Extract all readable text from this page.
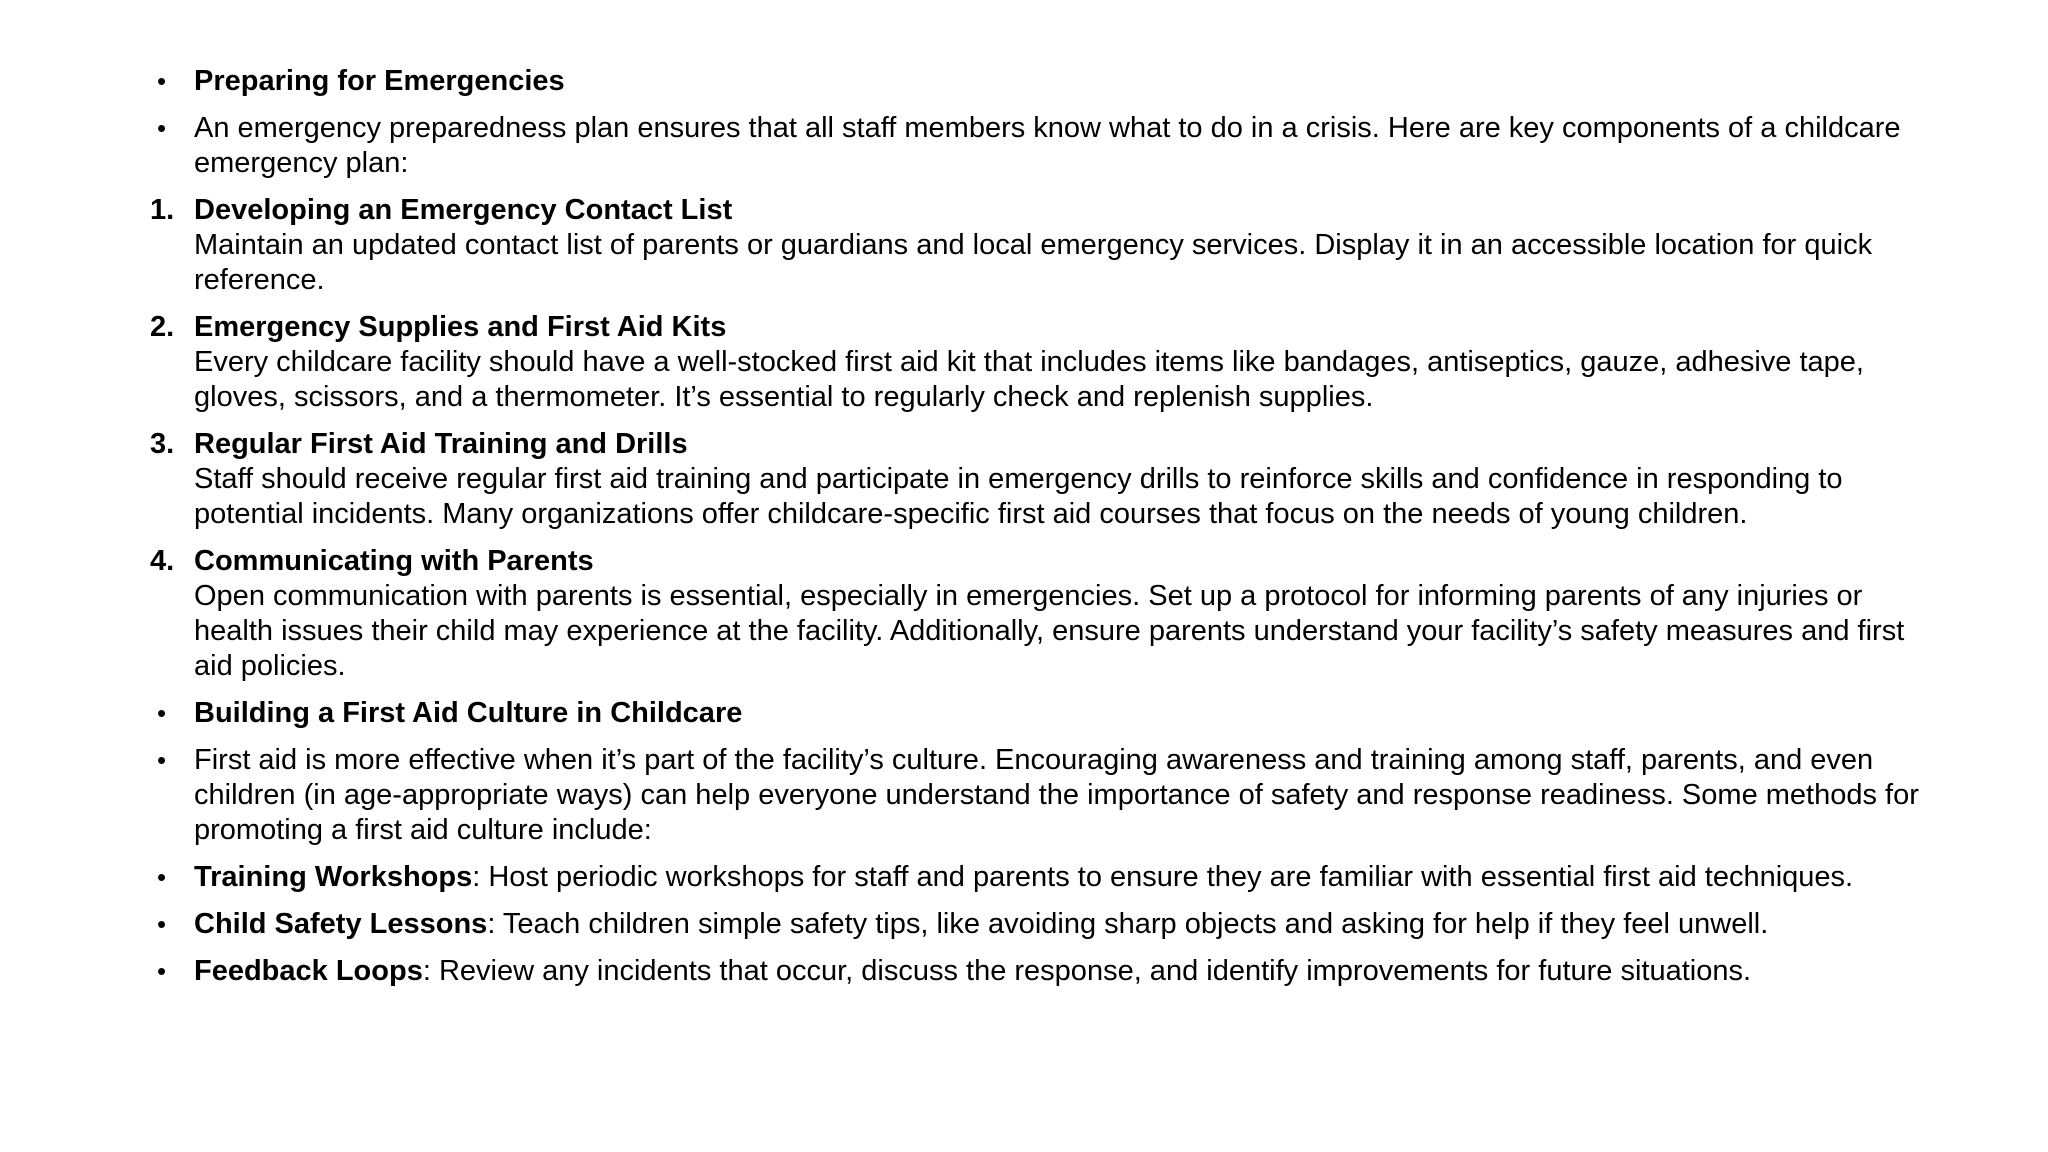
• Preparing for Emergencies
• An emergency preparedness plan ensures that all staff members know what to do in a crisis. Here are key components of a childcare emergency plan:
1. Developing an Emergency Contact List
Maintain an updated contact list of parents or guardians and local emergency services. Display it in an accessible location for quick reference.
2. Emergency Supplies and First Aid Kits
Every childcare facility should have a well-stocked first aid kit that includes items like bandages, antiseptics, gauze, adhesive tape, gloves, scissors, and a thermometer. It’s essential to regularly check and replenish supplies.
3. Regular First Aid Training and Drills
Staff should receive regular first aid training and participate in emergency drills to reinforce skills and confidence in responding to potential incidents. Many organizations offer childcare-specific first aid courses that focus on the needs of young children.
4. Communicating with Parents
Open communication with parents is essential, especially in emergencies. Set up a protocol for informing parents of any injuries or health issues their child may experience at the facility. Additionally, ensure parents understand your facility’s safety measures and first aid policies.
• Building a First Aid Culture in Childcare
• First aid is more effective when it’s part of the facility’s culture. Encouraging awareness and training among staff, parents, and even children (in age-appropriate ways) can help everyone understand the importance of safety and response readiness. Some methods for promoting a first aid culture include:
• Training Workshops: Host periodic workshops for staff and parents to ensure they are familiar with essential first aid techniques.
• Child Safety Lessons: Teach children simple safety tips, like avoiding sharp objects and asking for help if they feel unwell.
• Feedback Loops: Review any incidents that occur, discuss the response, and identify improvements for future situations.
